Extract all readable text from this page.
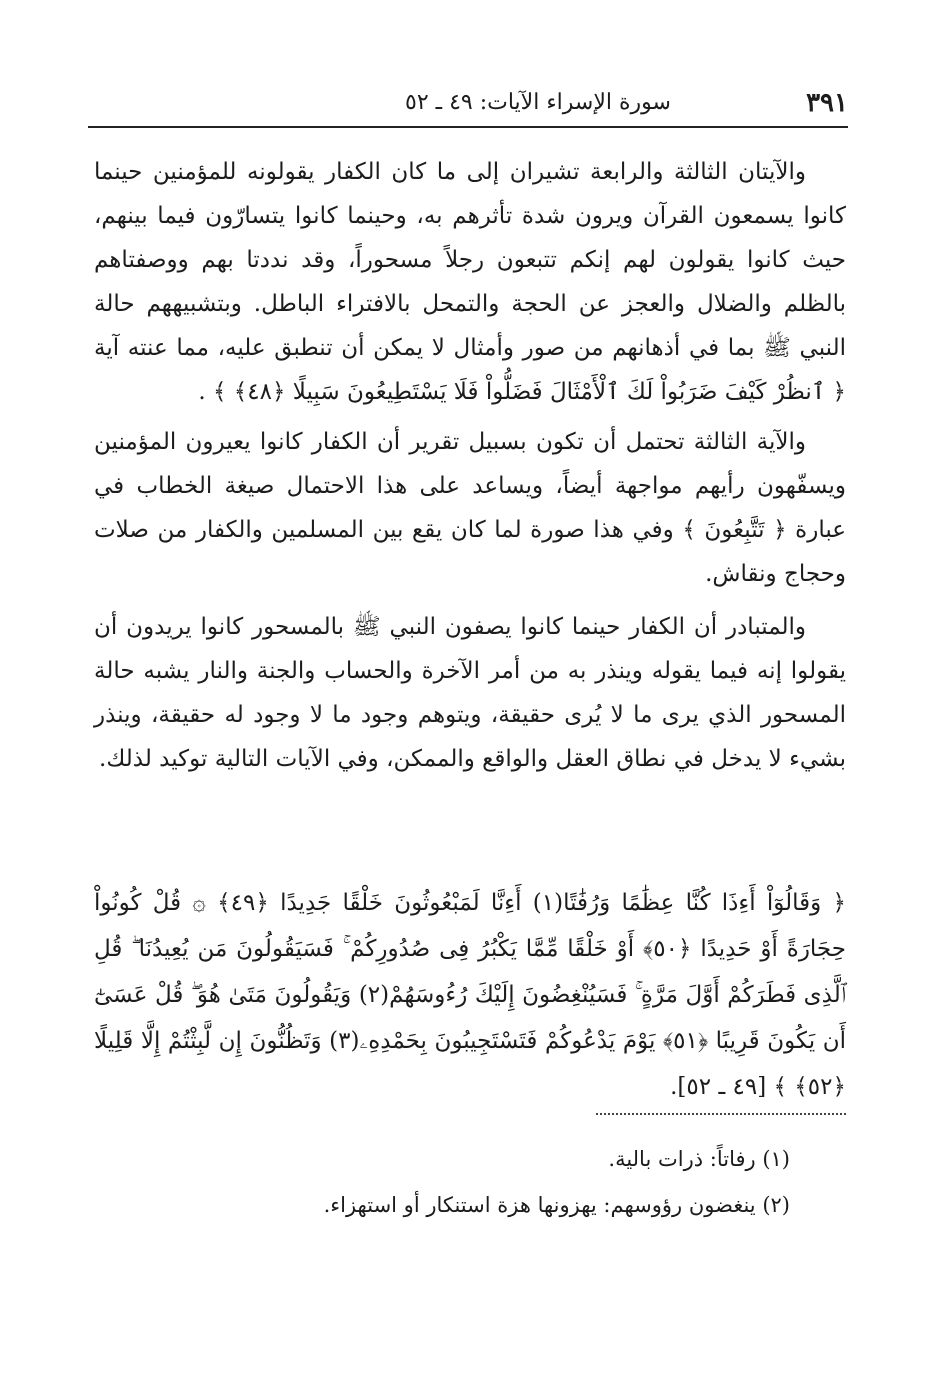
٣٩١
سورة الإسراء الآيات: ٤٩ ـ ٥٢

والآيتان الثالثة والرابعة تشيران إلى ما كان الكفار يقولونه للمؤمنين حينما كانوا يسمعون القرآن ويرون شدة تأثرهم به، وحينما كانوا يتسارّون فيما بينهم، حيث كانوا يقولون لهم إنكم تتبعون رجلاً مسحوراً، وقد نددتا بهم ووصفتاهم بالظلم والضلال والعجز عن الحجة والتمحل بالافتراء الباطل. وبتشبيههم حالة النبي ﷺ بما في أذهانهم من صور وأمثال لا يمكن أن تنطبق عليه، مما عنته آية ﴿ ٱنظُرْ كَيْفَ ضَرَبُواْ لَكَ ٱلْأَمْثَالَ فَضَلُّواْ فَلَا يَسْتَطِيعُونَ سَبِيلًا ﴿٤٨﴾ ﴾ .

والآية الثالثة تحتمل أن تكون بسبيل تقرير أن الكفار كانوا يعيرون المؤمنين ويسفّهون رأيهم مواجهة أيضاً، ويساعد على هذا الاحتمال صيغة الخطاب في عبارة ﴿ تَتَّبِعُونَ ﴾ وفي هذا صورة لما كان يقع بين المسلمين والكفار من صلات وحجاج ونقاش.

والمتبادر أن الكفار حينما كانوا يصفون النبي ﷺ بالمسحور كانوا يريدون أن يقولوا إنه فيما يقوله وينذر به من أمر الآخرة والحساب والجنة والنار يشبه حالة المسحور الذي يرى ما لا يُرى حقيقة، ويتوهم وجود ما لا وجود له حقيقة، وينذر بشيء لا يدخل في نطاق العقل والواقع والممكن، وفي الآيات التالية توكيد لذلك.

﴿ وَقَالُوٓاْ أَءِذَا كُنَّا عِظَٰمًا وَرُفَٰتًا(١) أَءِنَّا لَمَبْعُوثُونَ خَلْقًا جَدِيدًا ﴿٤٩﴾ ۞ قُلْ كُونُواْ حِجَارَةً أَوْ حَدِيدًا ﴿٥٠﴾ أَوْ خَلْقًا مِّمَّا يَكْبُرُ فِى صُدُورِكُمْ ۚ فَسَيَقُولُونَ مَن يُعِيدُنَا ۖ قُلِ ٱلَّذِى فَطَرَكُمْ أَوَّلَ مَرَّةٍ ۚ فَسَيُنْغِضُونَ إِلَيْكَ رُءُوسَهُمْ(٢) وَيَقُولُونَ مَتَىٰ هُوَ ۖ قُلْ عَسَىٰٓ أَن يَكُونَ قَرِيبًا ﴿٥١﴾ يَوْمَ يَدْعُوكُمْ فَتَسْتَجِيبُونَ بِحَمْدِهِۦ(٣) وَتَظُنُّونَ إِن لَّبِثْتُمْ إِلَّا قَلِيلًا ﴿٥٢﴾ ﴾ [٤٩ ـ ٥٢].

(١) رفاتاً: ذرات بالية.

(٢) ينغضون رؤوسهم: يهزونها هزة استنكار أو استهزاء.
